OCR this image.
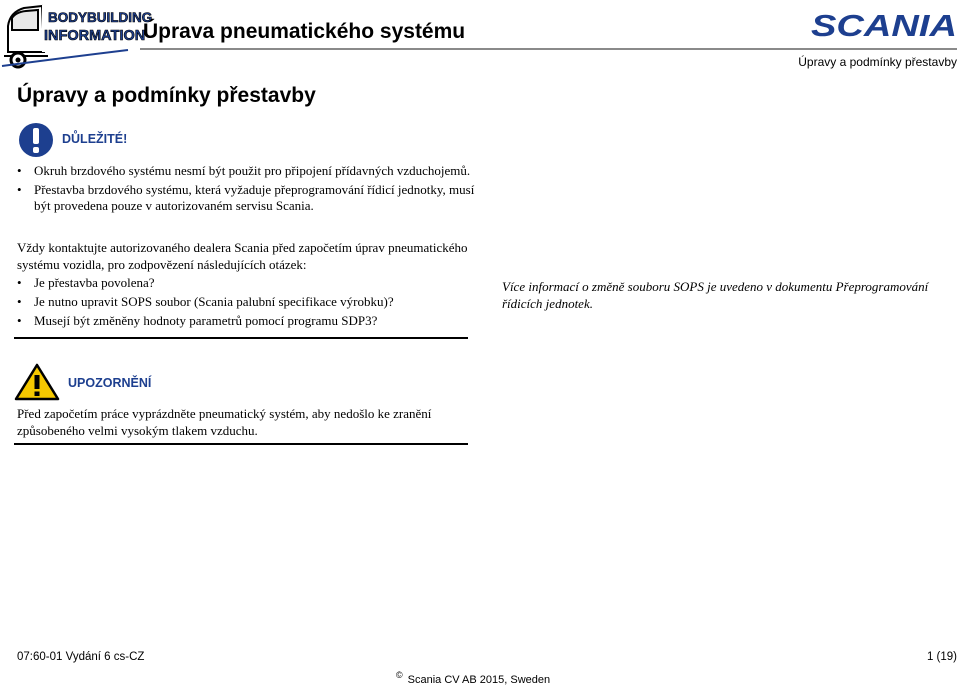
BODYBUILDING
INFORMATION
Úprava pneumatického systému	SCANIA
Úpravy a podmínky přestavby
Úpravy a podmínky přestavby
DŮLEŽITÉ!
• Okruh brzdového systému nesmí být použit pro připojení přídavných vzduchojemů.
• Přestavba brzdového systému, která vyžaduje přeprogramování řídicí jednotky, musí být provedena pouze v autorizovaném servisu Scania.
Vždy kontaktujte autorizovaného dealera Scania před započetím úprav pneumatického systému vozidla, pro zodpovězení následujících otázek:
• Je přestavba povolena?
• Je nutno upravit SOPS soubor (Scania palubní specifikace výrobku)?
• Musejí být změněny hodnoty parametrů pomocí programu SDP3?
Více informací o změně souboru SOPS je uvedeno v dokumentu Přeprogramování řídicích jednotek.
UPOZORNĚNÍ
Před započetím práce vyprázdněte pneumatický systém, aby nedošlo ke zranění způsobeného velmi vysokým tlakem vzduchu.
07:60-01 Vydání 6 cs-CZ	1 (19)
© Scania CV AB 2015, Sweden
